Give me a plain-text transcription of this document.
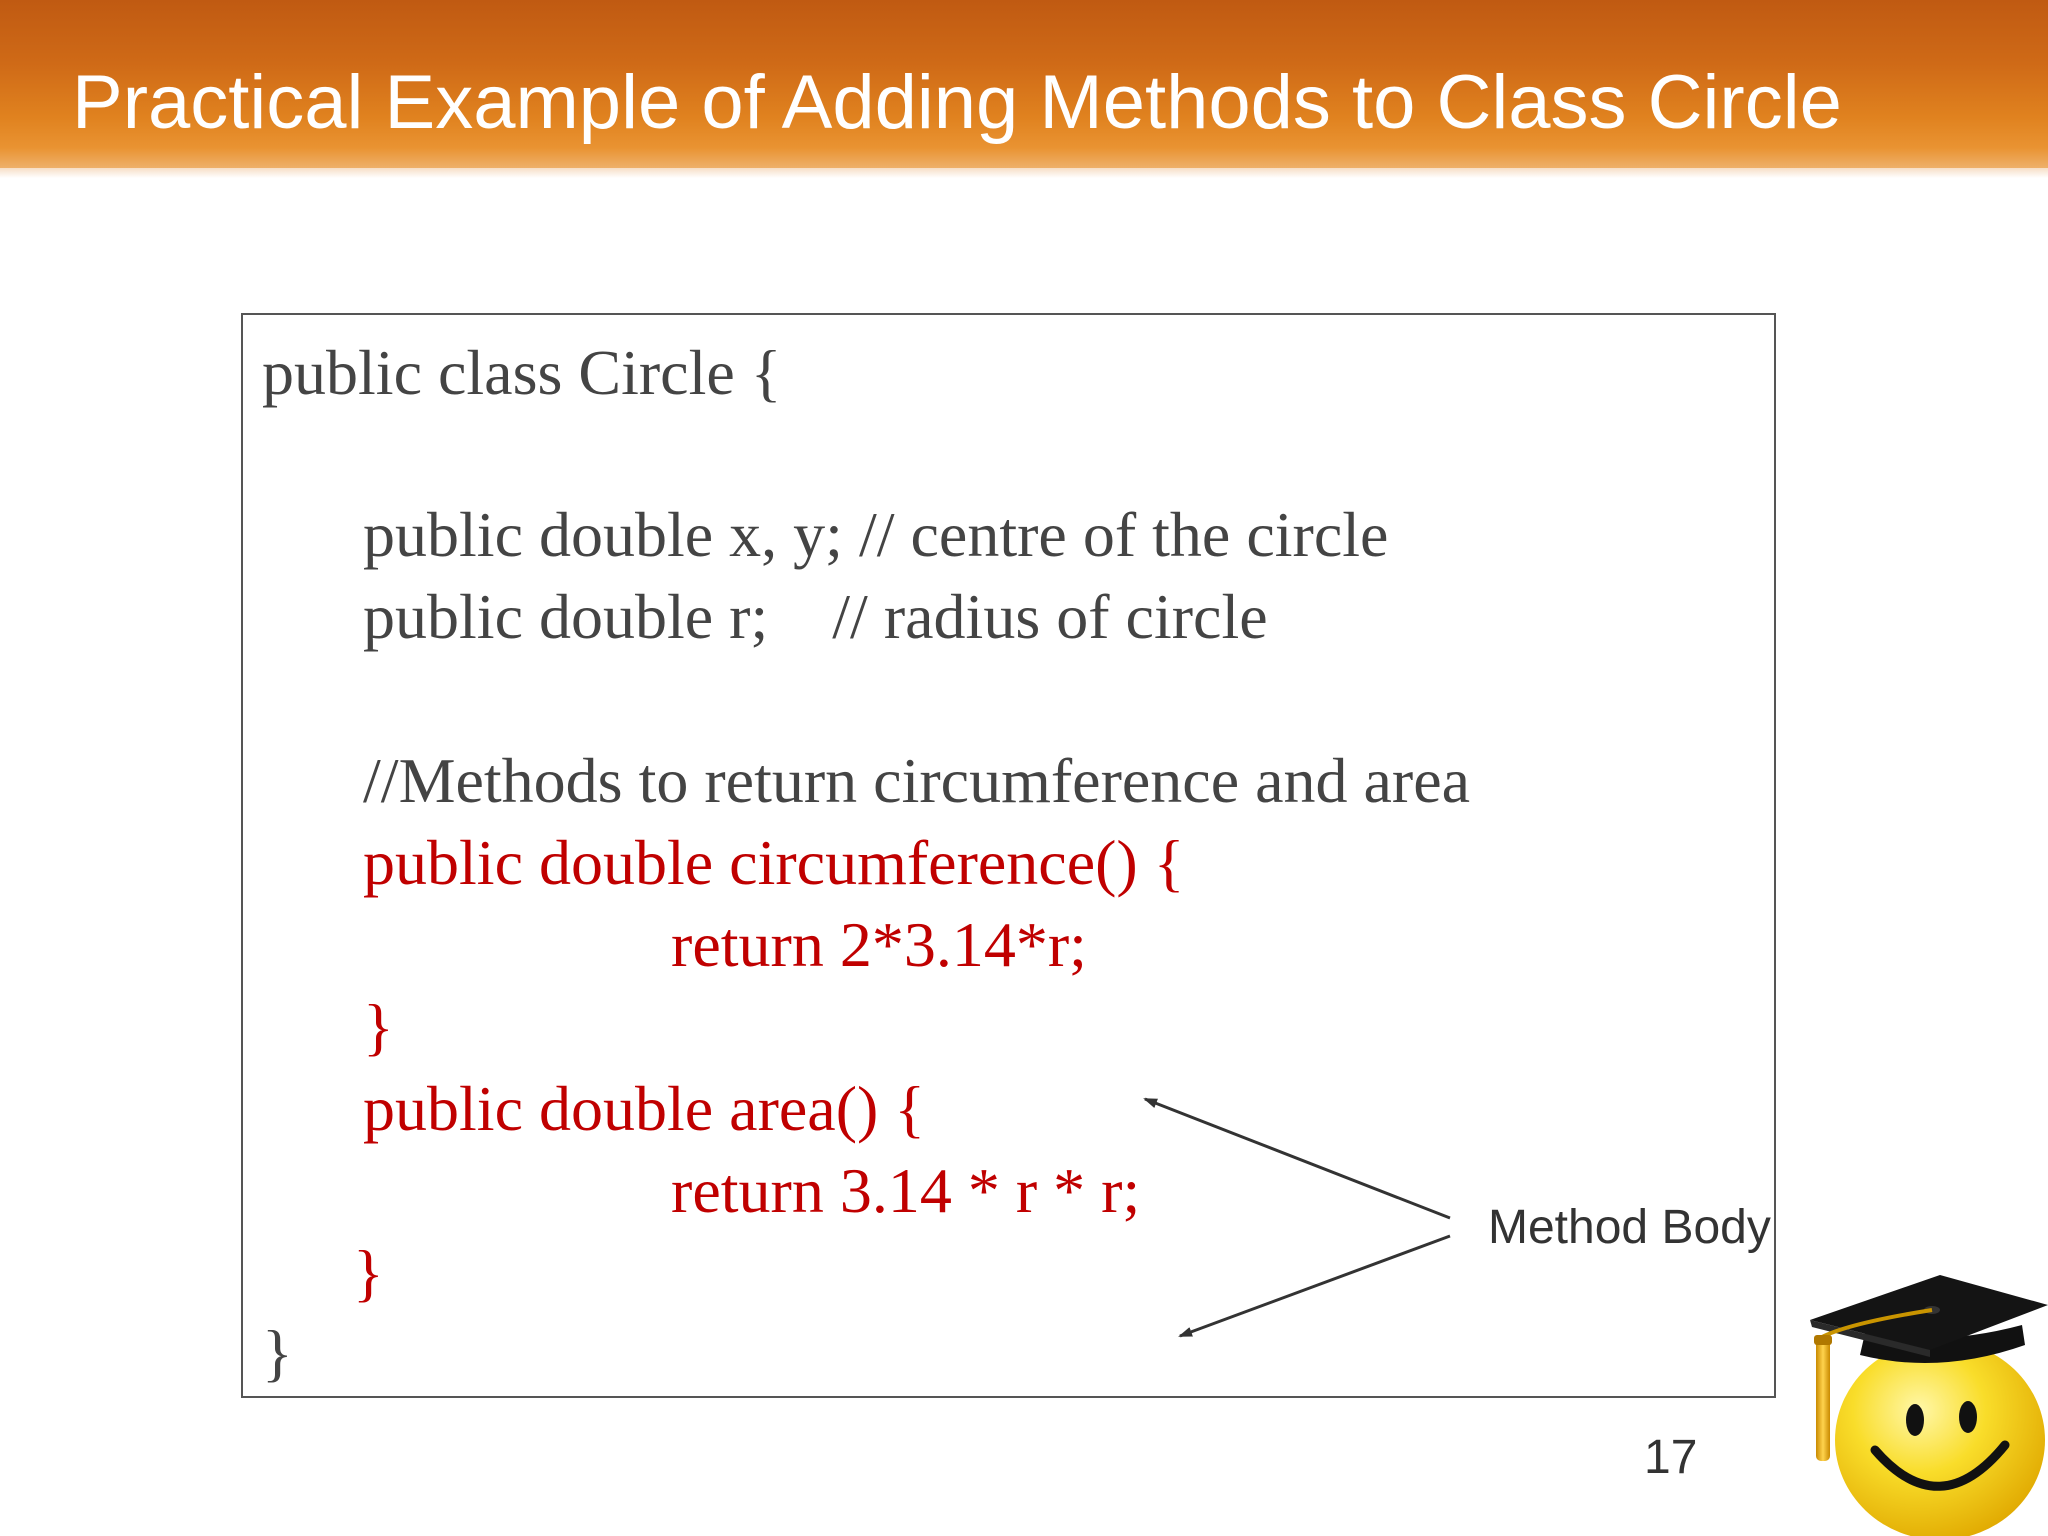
Practical Example of Adding Methods to Class Circle
public class Circle {
public double x, y; // centre of the circle
public double r;    // radius of circle
//Methods to return circumference and area
public double circumference() {
return 2*3.14*r;
}
public double area() {
return 3.14 * r * r;
}
}
Method Body
17
